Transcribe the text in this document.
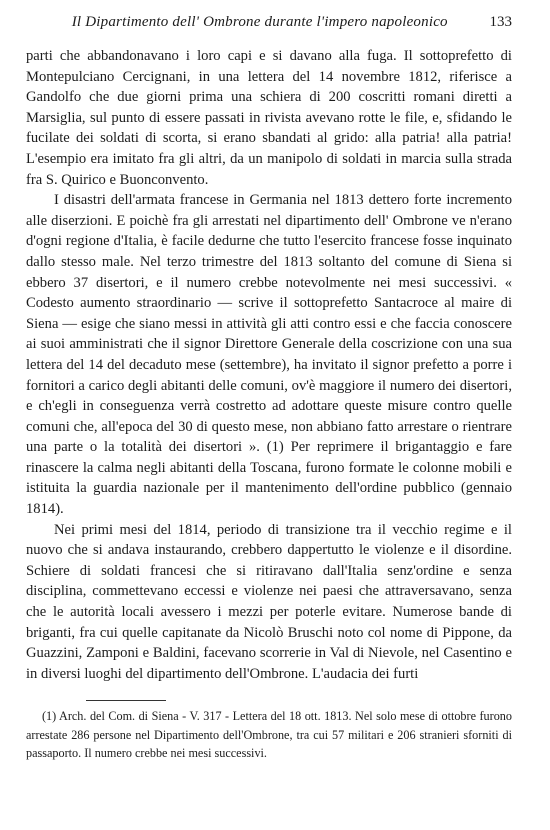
Il Dipartimento dell' Ombrone durante l'impero napoleonico	133

parti che abbandonavano i loro capi e si davano alla fuga. Il sottoprefetto di Montepulciano Cercignani, in una lettera del 14 novembre 1812, riferisce a Gandolfo che due giorni prima una schiera di 200 coscritti romani diretti a Marsiglia, sul punto di essere passati in rivista avevano rotte le file, e, sfidando le fucilate dei soldati di scorta, si erano sbandati al grido: alla patria! alla patria! L'esempio era imitato fra gli altri, da un manipolo di soldati in marcia sulla strada fra S. Quirico e Buonconvento.

I disastri dell'armata francese in Germania nel 1813 dettero forte incremento alle diserzioni. E poichè fra gli arrestati nel dipartimento dell' Ombrone ve n'erano d'ogni regione d'Italia, è facile dedurne che tutto l'esercito francese fosse inquinato dallo stesso male. Nel terzo trimestre del 1813 soltanto del comune di Siena si ebbero 37 disertori, e il numero crebbe notevolmente nei mesi successivi. « Codesto aumento straordinario — scrive il sottoprefetto Santacroce al maire di Siena — esige che siano messi in attività gli atti contro essi e che faccia conoscere ai suoi amministrati che il signor Direttore Generale della coscrizione con una sua lettera del 14 del decaduto mese (settembre), ha invitato il signor prefetto a porre i fornitori a carico degli abitanti delle comuni, ov'è maggiore il numero dei disertori, e ch'egli in conseguenza verrà costretto ad adottare queste misure contro quelle comuni che, all'epoca del 30 di questo mese, non abbiano fatto arrestare o rientrare una parte o la totalità dei disertori ». (1) Per reprimere il brigantaggio e fare rinascere la calma negli abitanti della Toscana, furono formate le colonne mobili e istituita la guardia nazionale per il mantenimento dell'ordine pubblico (gennaio 1814).

Nei primi mesi del 1814, periodo di transizione tra il vecchio regime e il nuovo che si andava instaurando, crebbero dappertutto le violenze e il disordine. Schiere di soldati francesi che si ritiravano dall'Italia senz'ordine e senza disciplina, commettevano eccessi e violenze nei paesi che attraversavano, senza che le autorità locali avessero i mezzi per poterle evitare. Numerose bande di briganti, fra cui quelle capitanate da Nicolò Bruschi noto col nome di Pippone, da Guazzini, Zamponi e Baldini, facevano scorrerie in Val di Nievole, nel Casentino e in diversi luoghi del dipartimento dell'Ombrone. L'audacia dei furti

(1) Arch. del Com. di Siena - V. 317 - Lettera del 18 ott. 1813. Nel solo mese di ottobre furono arrestate 286 persone nel Dipartimento dell'Ombrone, tra cui 57 militari e 206 stranieri sforniti di passaporto. Il numero crebbe nei mesi successivi.
